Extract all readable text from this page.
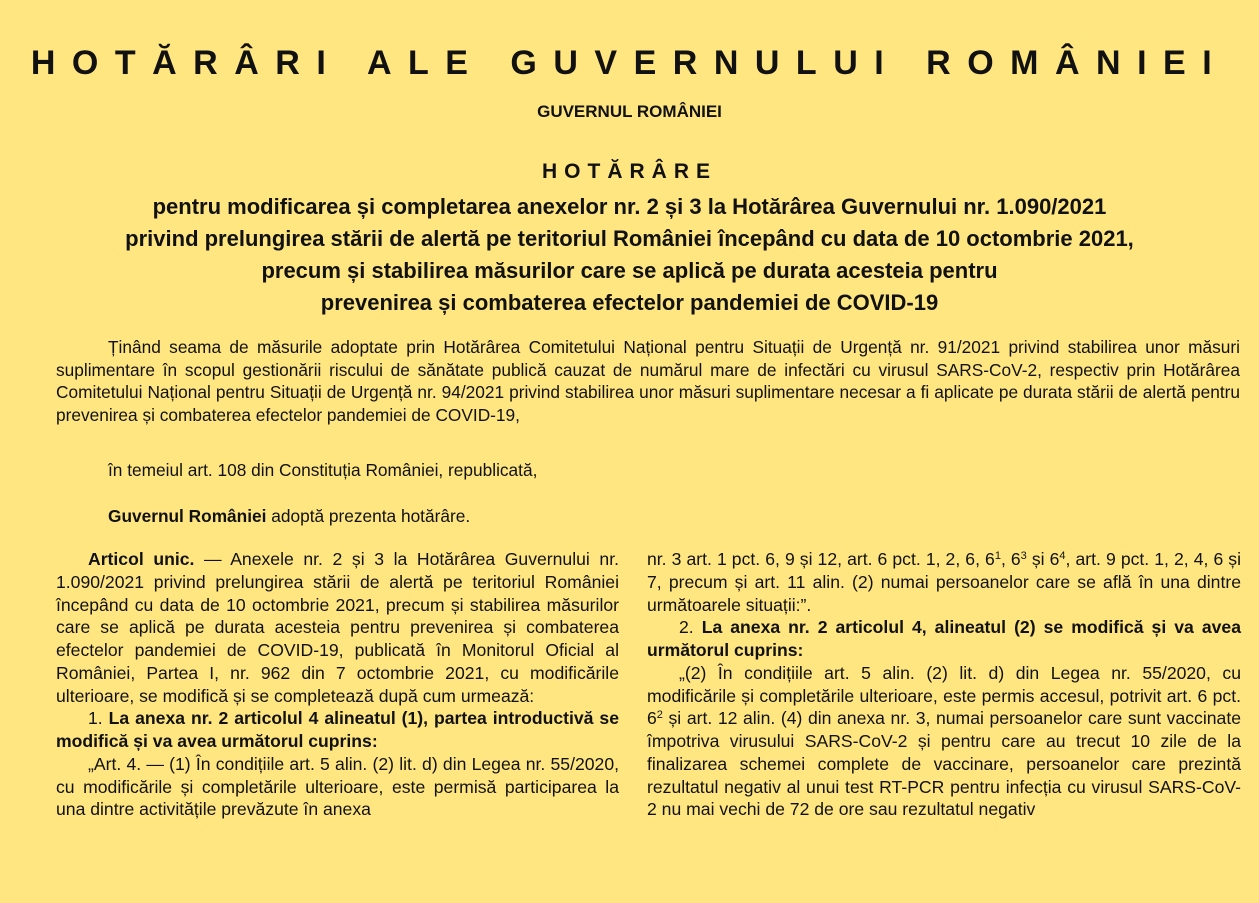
HOTĂRÂRI ALE GUVERNULUI ROMÂNIEI
GUVERNUL ROMÂNIEI
HOTĂRÂRE
pentru modificarea și completarea anexelor nr. 2 și 3 la Hotărârea Guvernului nr. 1.090/2021
privind prelungirea stării de alertă pe teritoriul României începând cu data de 10 octombrie 2021,
precum și stabilirea măsurilor care se aplică pe durata acesteia pentru
prevenirea și combaterea efectelor pandemiei de COVID-19

Ținând seama de măsurile adoptate prin Hotărârea Comitetului Național pentru Situații de Urgență nr. 91/2021 privind stabilirea unor măsuri suplimentare în scopul gestionării riscului de sănătate publică cauzat de numărul mare de infectări cu virusul SARS-CoV-2, respectiv prin Hotărârea Comitetului Național pentru Situații de Urgență nr. 94/2021 privind stabilirea unor măsuri suplimentare necesar a fi aplicate pe durata stării de alertă pentru prevenirea și combaterea efectelor pandemiei de COVID-19,

în temeiul art. 108 din Constituția României, republicată,
Guvernul României adoptă prezenta hotărâre.

Articol unic. — Anexele nr. 2 și 3 la Hotărârea Guvernului nr. 1.090/2021 privind prelungirea stării de alertă pe teritoriul României începând cu data de 10 octombrie 2021, precum și stabilirea măsurilor care se aplică pe durata acesteia pentru prevenirea și combaterea efectelor pandemiei de COVID-19, publicată în Monitorul Oficial al României, Partea I, nr. 962 din 7 octombrie 2021, cu modificările ulterioare, se modifică și se completează după cum urmează:

1. La anexa nr. 2 articolul 4 alineatul (1), partea introductivă se modifică și va avea următorul cuprins:

„Art. 4. — (1) În condițiile art. 5 alin. (2) lit. d) din Legea nr. 55/2020, cu modificările și completările ulterioare, este permisă participarea la una dintre activitățile prevăzute în anexa

nr. 3 art. 1 pct. 6, 9 și 12, art. 6 pct. 1, 2, 6, $6^1$, $6^3$ și $6^4$, art. 9 pct. 1, 2, 4, 6 și 7, precum și art. 11 alin. (2) numai persoanelor care se află în una dintre următoarele situații:”.

2. La anexa nr. 2 articolul 4, alineatul (2) se modifică și va avea următorul cuprins:

„(2) În condițiile art. 5 alin. (2) lit. d) din Legea nr. 55/2020, cu modificările și completările ulterioare, este permis accesul, potrivit art. 6 pct. $6^2$ și art. 12 alin. (4) din anexa nr. 3, numai persoanelor care sunt vaccinate împotriva virusului SARS-CoV-2 și pentru care au trecut 10 zile de la finalizarea schemei complete de vaccinare, persoanelor care prezintă rezultatul negativ al unui test RT-PCR pentru infecția cu virusul SARS-CoV-2 nu mai vechi de 72 de ore sau rezultatul negativ
